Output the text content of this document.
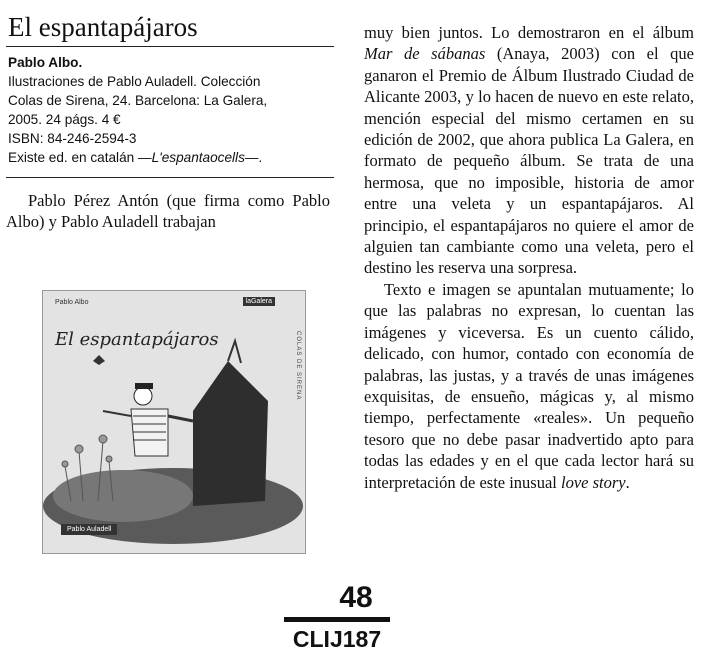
El espantapájaros
Pablo Albo.
Ilustraciones de Pablo Auladell. Colección
Colas de Sirena, 24. Barcelona: La Galera,
2005. 24 págs. 4 €
ISBN: 84-246-2594-3
Existe ed. en catalán —L'espantaocells—.

Pablo Pérez Antón (que firma como Pablo Albo) y Pablo Auladell trabajan

Pablo Albo	laGalera
COLAS DE SIRENA
El espantapájaros
Pablo Auladell

muy bien juntos. Lo demostraron en el álbum Mar de sábanas (Anaya, 2003) con el que ganaron el Premio de Álbum Ilustrado Ciudad de Alicante 2003, y lo hacen de nuevo en este relato, mención especial del mismo certamen en su edición de 2002, que ahora publica La Galera, en formato de pequeño álbum. Se trata de una hermosa, que no imposible, historia de amor entre una veleta y un espantapájaros. Al principio, el espantapájaros no quiere el amor de alguien tan cambiante como una veleta, pero el destino les reserva una sorpresa.

Texto e imagen se apuntalan mutuamente; lo que las palabras no expresan, lo cuentan las imágenes y viceversa. Es un cuento cálido, delicado, con humor, contado con economía de palabras, las justas, y a través de unas imágenes exquisitas, de ensueño, mágicas y, al mismo tiempo, perfectamente «reales». Un pequeño tesoro que no debe pasar inadvertido apto para todas las edades y en el que cada lector hará su interpretación de este inusual love story.

48
CLIJ187
